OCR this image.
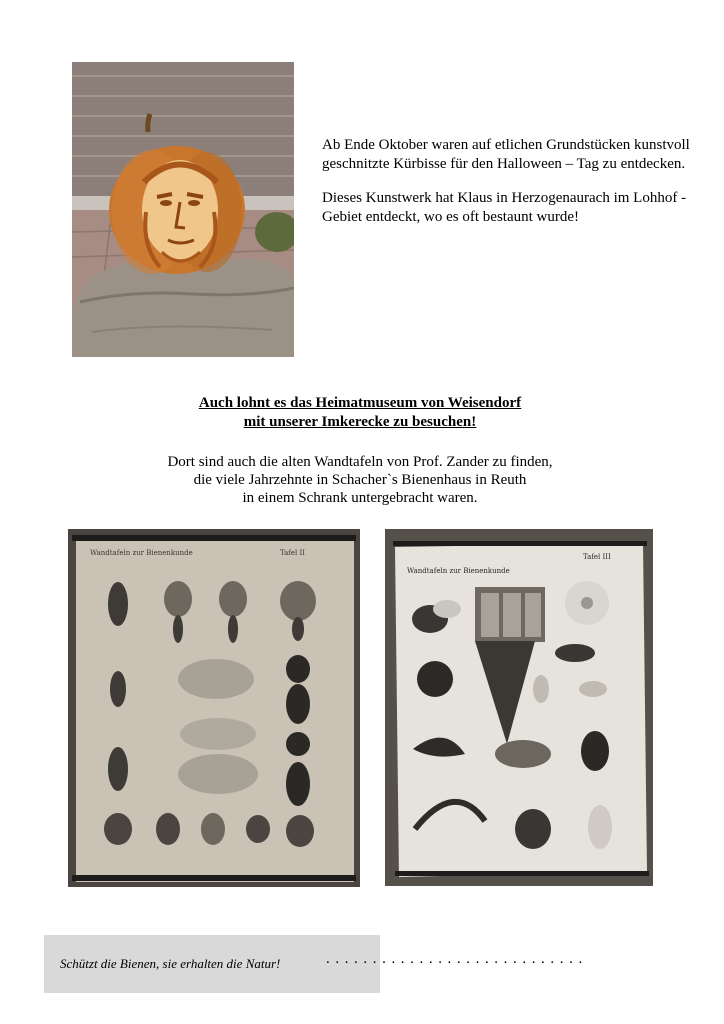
Ab Ende Oktober waren auf etlichen Grundstücken kunstvoll geschnitzte Kürbisse für den Halloween – Tag zu entdecken.

Dieses Kunstwerk hat Klaus in Herzogenaurach im Lohhof - Gebiet entdeckt, wo es oft bestaunt wurde!

Auch lohnt es das Heimatmuseum von Weisendorf
mit unserer Imkerecke zu besuchen!
Dort sind auch die alten Wandtafeln von Prof. Zander zu finden,
die viele Jahrzehnte in Schacher`s Bienenhaus in Reuth
in einem Schrank untergebracht waren.
Wandtafeln zur Bienenkunde	Tafel II
Wandtafeln zur Bienenkunde
Tafel III
Schützt die Bienen, sie erhalten die Natur!	............................
